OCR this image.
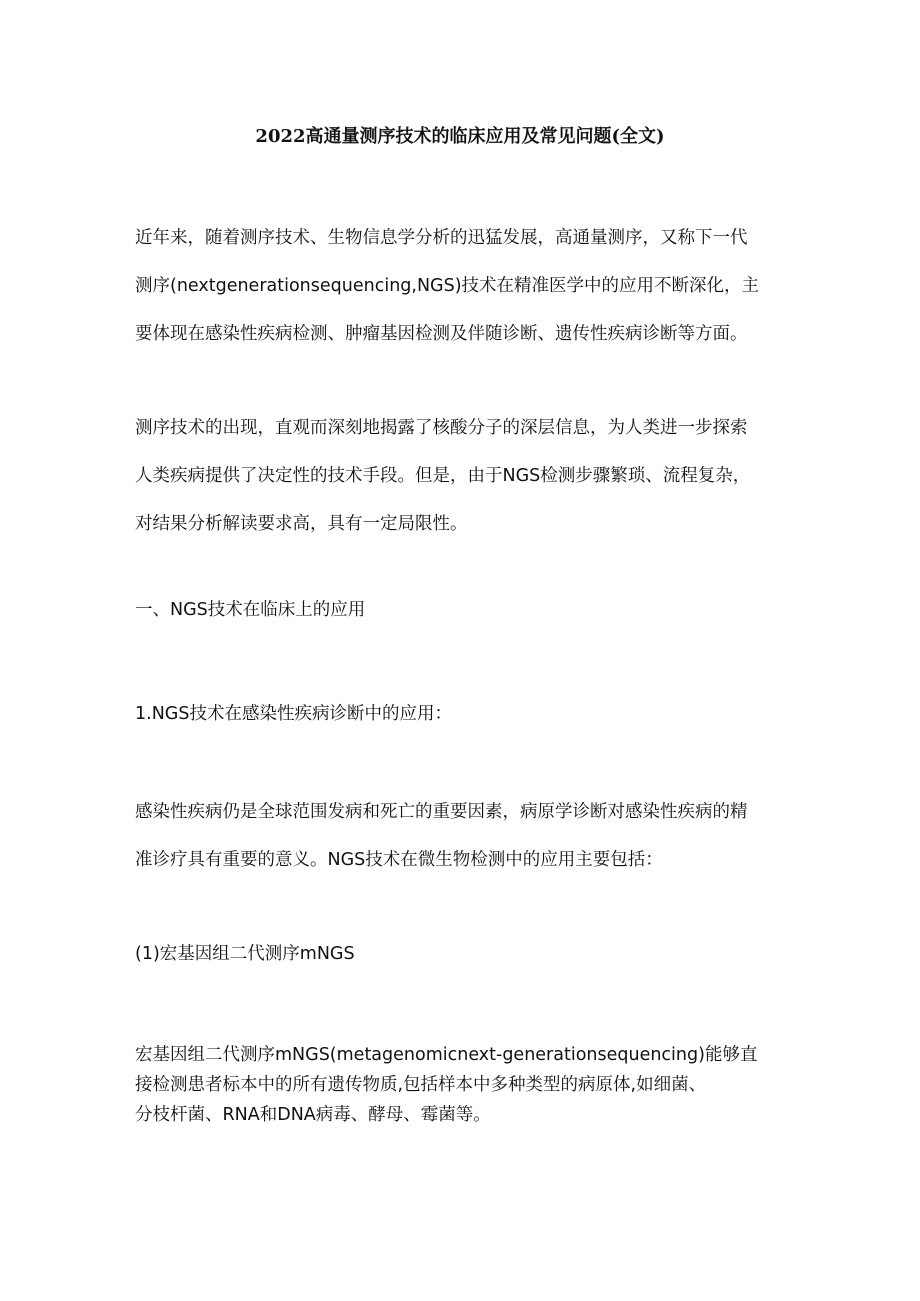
2022高通量测序技术的临床应用及常见问题(全文)

近年来，随着测序技术、生物信息学分析的迅猛发展，高通量测序，又称下一代
测序(nextgenerationsequencing,NGS)技术在精准医学中的应用不断深化，主
要体现在感染性疾病检测、肿瘤基因检测及伴随诊断、遗传性疾病诊断等方面。

测序技术的出现，直观而深刻地揭露了核酸分子的深层信息，为人类进一步探索
人类疾病提供了决定性的技术手段。但是，由于NGS检测步骤繁琐、流程复杂，
对结果分析解读要求高，具有一定局限性。

一、NGS技术在临床上的应用

1.NGS技术在感染性疾病诊断中的应用：

感染性疾病仍是全球范围发病和死亡的重要因素，病原学诊断对感染性疾病的精
准诊疗具有重要的意义。NGS技术在微生物检测中的应用主要包括：

(1)宏基因组二代测序mNGS

宏基因组二代测序mNGS(metagenomicnext-generationsequencing)能够直
接检测患者标本中的所有遗传物质,包括样本中多种类型的病原体,如细菌、
分枝杆菌、RNA和DNA病毒、酵母、霉菌等。
